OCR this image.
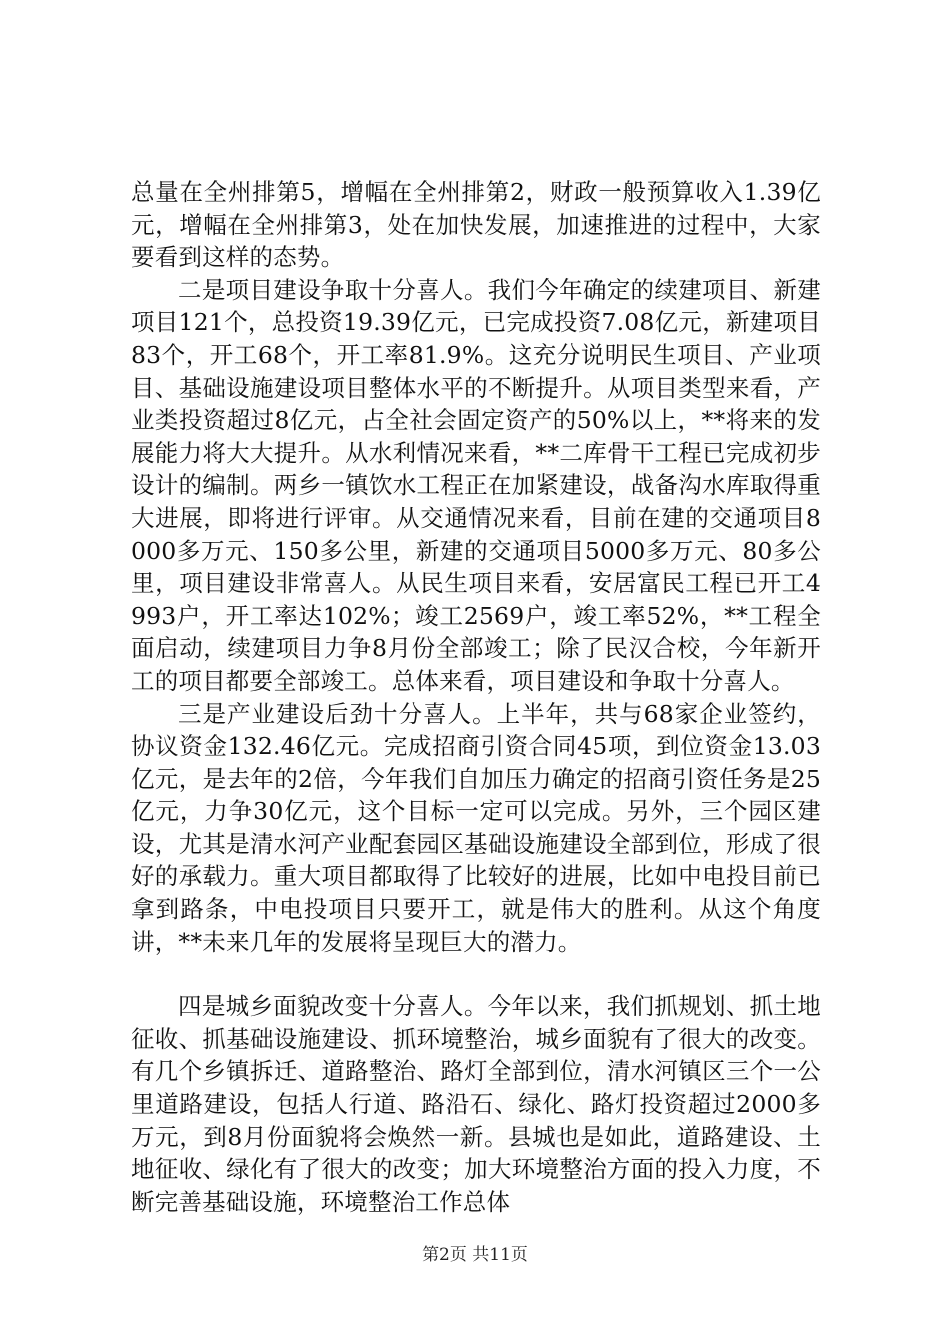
总量在全州排第5，增幅在全州排第2，财政一般预算收入1.39亿元，增幅在全州排第3，处在加快发展，加速推进的过程中，大家要看到这样的态势。

二是项目建设争取十分喜人。我们今年确定的续建项目、新建项目121个，总投资19.39亿元，已完成投资7.08亿元，新建项目83个，开工68个，开工率81.9%。这充分说明民生项目、产业项目、基础设施建设项目整体水平的不断提升。从项目类型来看，产业类投资超过8亿元，占全社会固定资产的50%以上，**将来的发展能力将大大提升。从水利情况来看，**二库骨干工程已完成初步设计的编制。两乡一镇饮水工程正在加紧建设，战备沟水库取得重大进展，即将进行评审。从交通情况来看，目前在建的交通项目8000多万元、150多公里，新建的交通项目5000多万元、80多公里，项目建设非常喜人。从民生项目来看，安居富民工程已开工4993户，开工率达102%；竣工2569户，竣工率52%，**工程全面启动，续建项目力争8月份全部竣工；除了民汉合校，今年新开工的项目都要全部竣工。总体来看，项目建设和争取十分喜人。

三是产业建设后劲十分喜人。上半年，共与68家企业签约，协议资金132.46亿元。完成招商引资合同45项，到位资金13.03亿元，是去年的2倍，今年我们自加压力确定的招商引资任务是25亿元，力争30亿元，这个目标一定可以完成。另外，三个园区建设，尤其是清水河产业配套园区基础设施建设全部到位，形成了很好的承载力。重大项目都取得了比较好的进展，比如中电投目前已拿到路条，中电投项目只要开工，就是伟大的胜利。从这个角度讲，**未来几年的发展将呈现巨大的潜力。

四是城乡面貌改变十分喜人。今年以来，我们抓规划、抓土地征收、抓基础设施建设、抓环境整治，城乡面貌有了很大的改变。有几个乡镇拆迁、道路整治、路灯全部到位，清水河镇区三个一公里道路建设，包括人行道、路沿石、绿化、路灯投资超过2000多万元，到8月份面貌将会焕然一新。县城也是如此，道路建设、土地征收、绿化有了很大的改变；加大环境整治方面的投入力度，不断完善基础设施，环境整治工作总体

第2页 共11页
